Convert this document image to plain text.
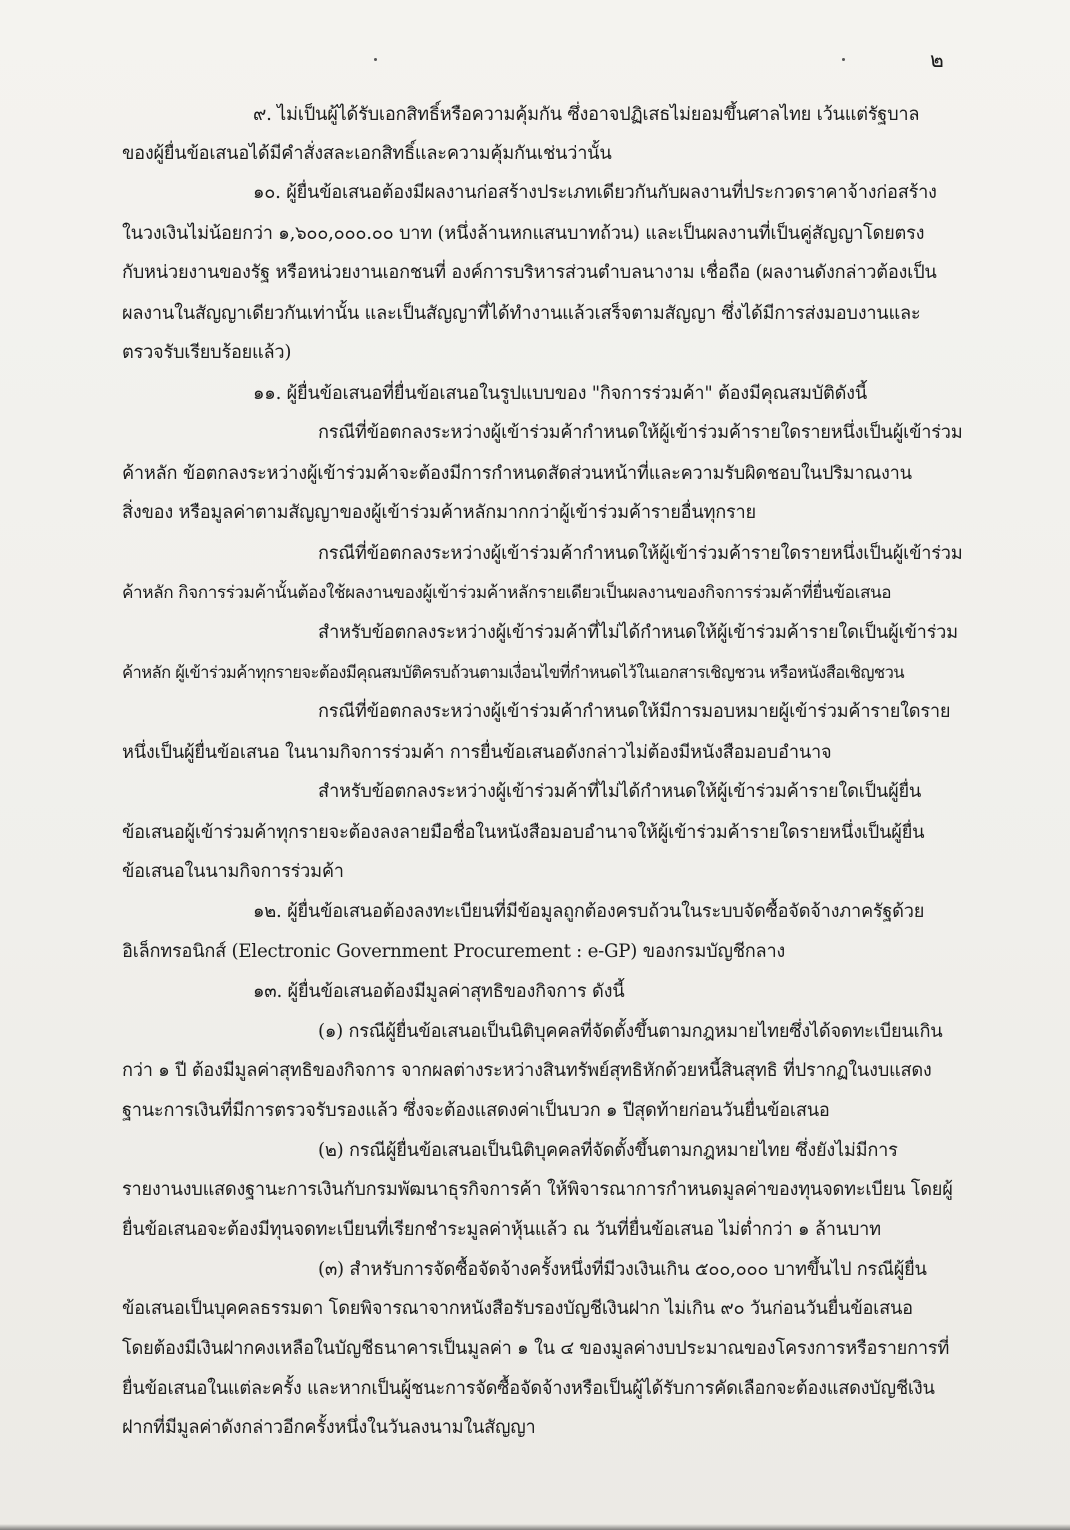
๒
๙. ไม่เป็นผู้ได้รับเอกสิทธิ์หรือความคุ้มกัน ซึ่งอาจปฏิเสธไม่ยอมขึ้นศาลไทย เว้นแต่รัฐบาล
ของผู้ยื่นข้อเสนอได้มีคำสั่งสละเอกสิทธิ์และความคุ้มกันเช่นว่านั้น
๑๐. ผู้ยื่นข้อเสนอต้องมีผลงานก่อสร้างประเภทเดียวกันกับผลงานที่ประกวดราคาจ้างก่อสร้าง
ในวงเงินไม่น้อยกว่า ๑,๖๐๐,๐๐๐.๐๐ บาท (หนึ่งล้านหกแสนบาทถ้วน) และเป็นผลงานที่เป็นคู่สัญญาโดยตรง
กับหน่วยงานของรัฐ หรือหน่วยงานเอกชนที่ องค์การบริหารส่วนตำบลนางาม เชื่อถือ (ผลงานดังกล่าวต้องเป็น
ผลงานในสัญญาเดียวกันเท่านั้น และเป็นสัญญาที่ได้ทำงานแล้วเสร็จตามสัญญา ซึ่งได้มีการส่งมอบงานและ
ตรวจรับเรียบร้อยแล้ว)
๑๑. ผู้ยื่นข้อเสนอที่ยื่นข้อเสนอในรูปแบบของ "กิจการร่วมค้า" ต้องมีคุณสมบัติดังนี้
กรณีที่ข้อตกลงระหว่างผู้เข้าร่วมค้ากำหนดให้ผู้เข้าร่วมค้ารายใดรายหนึ่งเป็นผู้เข้าร่วม
ค้าหลัก ข้อตกลงระหว่างผู้เข้าร่วมค้าจะต้องมีการกำหนดสัดส่วนหน้าที่และความรับผิดชอบในปริมาณงาน
สิ่งของ หรือมูลค่าตามสัญญาของผู้เข้าร่วมค้าหลักมากกว่าผู้เข้าร่วมค้ารายอื่นทุกราย
กรณีที่ข้อตกลงระหว่างผู้เข้าร่วมค้ากำหนดให้ผู้เข้าร่วมค้ารายใดรายหนึ่งเป็นผู้เข้าร่วม
ค้าหลัก กิจการร่วมค้านั้นต้องใช้ผลงานของผู้เข้าร่วมค้าหลักรายเดียวเป็นผลงานของกิจการร่วมค้าที่ยื่นข้อเสนอ
สำหรับข้อตกลงระหว่างผู้เข้าร่วมค้าที่ไม่ได้กำหนดให้ผู้เข้าร่วมค้ารายใดเป็นผู้เข้าร่วม
ค้าหลัก ผู้เข้าร่วมค้าทุกรายจะต้องมีคุณสมบัติครบถ้วนตามเงื่อนไขที่กำหนดไว้ในเอกสารเชิญชวน หรือหนังสือเชิญชวน
กรณีที่ข้อตกลงระหว่างผู้เข้าร่วมค้ากำหนดให้มีการมอบหมายผู้เข้าร่วมค้ารายใดราย
หนึ่งเป็นผู้ยื่นข้อเสนอ ในนามกิจการร่วมค้า การยื่นข้อเสนอดังกล่าวไม่ต้องมีหนังสือมอบอำนาจ
สำหรับข้อตกลงระหว่างผู้เข้าร่วมค้าที่ไม่ได้กำหนดให้ผู้เข้าร่วมค้ารายใดเป็นผู้ยื่น
ข้อเสนอผู้เข้าร่วมค้าทุกรายจะต้องลงลายมือชื่อในหนังสือมอบอำนาจให้ผู้เข้าร่วมค้ารายใดรายหนึ่งเป็นผู้ยื่น
ข้อเสนอในนามกิจการร่วมค้า
๑๒. ผู้ยื่นข้อเสนอต้องลงทะเบียนที่มีข้อมูลถูกต้องครบถ้วนในระบบจัดซื้อจัดจ้างภาครัฐด้วย
อิเล็กทรอนิกส์ (Electronic Government Procurement : e-GP) ของกรมบัญชีกลาง
๑๓. ผู้ยื่นข้อเสนอต้องมีมูลค่าสุทธิของกิจการ ดังนี้
(๑) กรณีผู้ยื่นข้อเสนอเป็นนิติบุคคลที่จัดตั้งขึ้นตามกฎหมายไทยซึ่งได้จดทะเบียนเกิน
กว่า ๑ ปี ต้องมีมูลค่าสุทธิของกิจการ จากผลต่างระหว่างสินทรัพย์สุทธิหักด้วยหนี้สินสุทธิ ที่ปรากฏในงบแสดง
ฐานะการเงินที่มีการตรวจรับรองแล้ว ซึ่งจะต้องแสดงค่าเป็นบวก ๑ ปีสุดท้ายก่อนวันยื่นข้อเสนอ
(๒) กรณีผู้ยื่นข้อเสนอเป็นนิติบุคคลที่จัดตั้งขึ้นตามกฎหมายไทย ซึ่งยังไม่มีการ
รายงานงบแสดงฐานะการเงินกับกรมพัฒนาธุรกิจการค้า ให้พิจารณาการกำหนดมูลค่าของทุนจดทะเบียน โดยผู้
ยื่นข้อเสนอจะต้องมีทุนจดทะเบียนที่เรียกชำระมูลค่าหุ้นแล้ว ณ วันที่ยื่นข้อเสนอ ไม่ต่ำกว่า ๑ ล้านบาท
(๓) สำหรับการจัดซื้อจัดจ้างครั้งหนึ่งที่มีวงเงินเกิน ๕๐๐,๐๐๐ บาทขึ้นไป กรณีผู้ยื่น
ข้อเสนอเป็นบุคคลธรรมดา โดยพิจารณาจากหนังสือรับรองบัญชีเงินฝาก ไม่เกิน ๙๐ วันก่อนวันยื่นข้อเสนอ
โดยต้องมีเงินฝากคงเหลือในบัญชีธนาคารเป็นมูลค่า ๑ ใน ๔ ของมูลค่างบประมาณของโครงการหรือรายการที่
ยื่นข้อเสนอในแต่ละครั้ง และหากเป็นผู้ชนะการจัดซื้อจัดจ้างหรือเป็นผู้ได้รับการคัดเลือกจะต้องแสดงบัญชีเงิน
ฝากที่มีมูลค่าดังกล่าวอีกครั้งหนึ่งในวันลงนามในสัญญา
